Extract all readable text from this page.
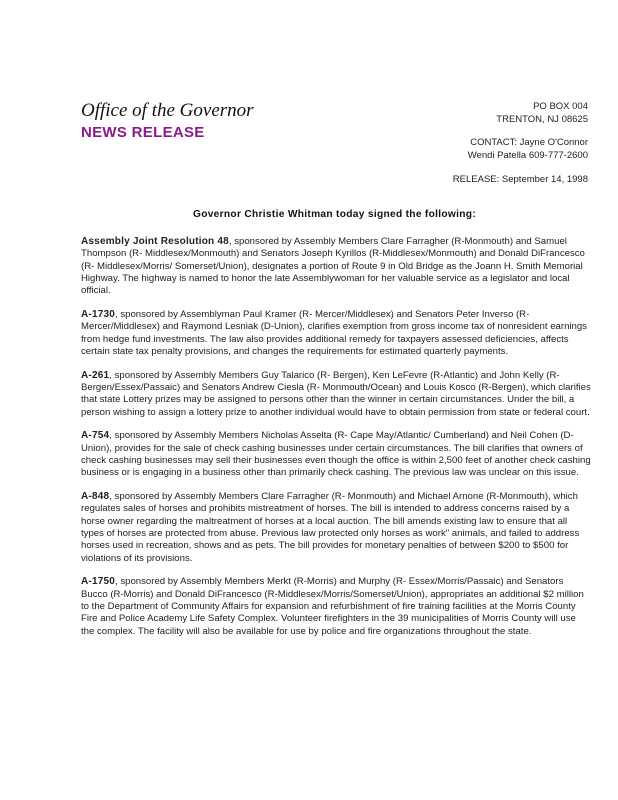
Office of the Governor
NEWS RELEASE
PO BOX 004
TRENTON, NJ 08625
CONTACT: Jayne O'Connor
Wendi Patella 609-777-2600
RELEASE: September 14, 1998
Governor Christie Whitman today signed the following:

Assembly Joint Resolution 48, sponsored by Assembly Members Clare Farragher (R-Monmouth) and Samuel Thompson (R- Middlesex/Monmouth) and Senators Joseph Kyrillos (R-Middlesex/Monmouth) and Donald DiFrancesco (R- Middlesex/Morris/ Somerset/Union), designates a portion of Route 9 in Old Bridge as the Joann H. Smith Memorial Highway. The highway is named to honor the late Assemblywoman for her valuable service as a legislator and local official.

A-1730, sponsored by Assemblyman Paul Kramer (R- Mercer/Middlesex) and Senators Peter Inverso (R- Mercer/Middlesex) and Raymond Lesniak (D-Union), clarifies exemption from gross income tax of nonresident earnings from hedge fund investments. The law also provides additional remedy for taxpayers assessed deficiencies, affects certain state tax penalty provisions, and changes the requirements for estimated quarterly payments.

A-261, sponsored by Assembly Members Guy Talarico (R- Bergen), Ken LeFevre (R-Atlantic) and John Kelly (R- Bergen/Essex/Passaic) and Senators Andrew Ciesla (R- Monmouth/Ocean) and Louis Kosco (R-Bergen), which clarifies that state Lottery prizes may be assigned to persons other than the winner in certain circumstances. Under the bill, a person wishing to assign a lottery prize to another individual would have to obtain permission from state or federal court.

A-754, sponsored by Assembly Members Nicholas Asselta (R- Cape May/Atlantic/ Cumberland) and Neil Cohen (D-Union), provides for the sale of check cashing businesses under certain circumstances. The bill clarifies that owners of check cashing businesses may sell their businesses even though the office is within 2,500 feet of another check cashing business or is engaging in a business other than primarily check cashing. The previous law was unclear on this issue.

A-848, sponsored by Assembly Members Clare Farragher (R- Monmouth) and Michael Arnone (R-Monmouth), which regulates sales of horses and prohibits mistreatment of horses. The bill is intended to address concerns raised by a horse owner regarding the maltreatment of horses at a local auction. The bill amends existing law to ensure that all types of horses are protected from abuse. Previous law protected only horses as work" animals, and failed to address horses used in recreation, shows and as pets. The bill provides for monetary penalties of between $200 to $500 for violations of its provisions.

A-1750, sponsored by Assembly Members Merkt (R-Morris) and Murphy (R- Essex/Morris/Passaic) and Senators Bucco (R-Morris) and Donald DiFrancesco (R-Middlesex/Morris/Somerset/Union), appropriates an additional $2 million to the Department of Community Affairs for expansion and refurbishment of fire training facilities at the Morris County Fire and Police Academy Life Safety Complex. Volunteer firefighters in the 39 municipalities of Morris County will use the complex. The facility will also be available for use by police and fire organizations throughout the state.
